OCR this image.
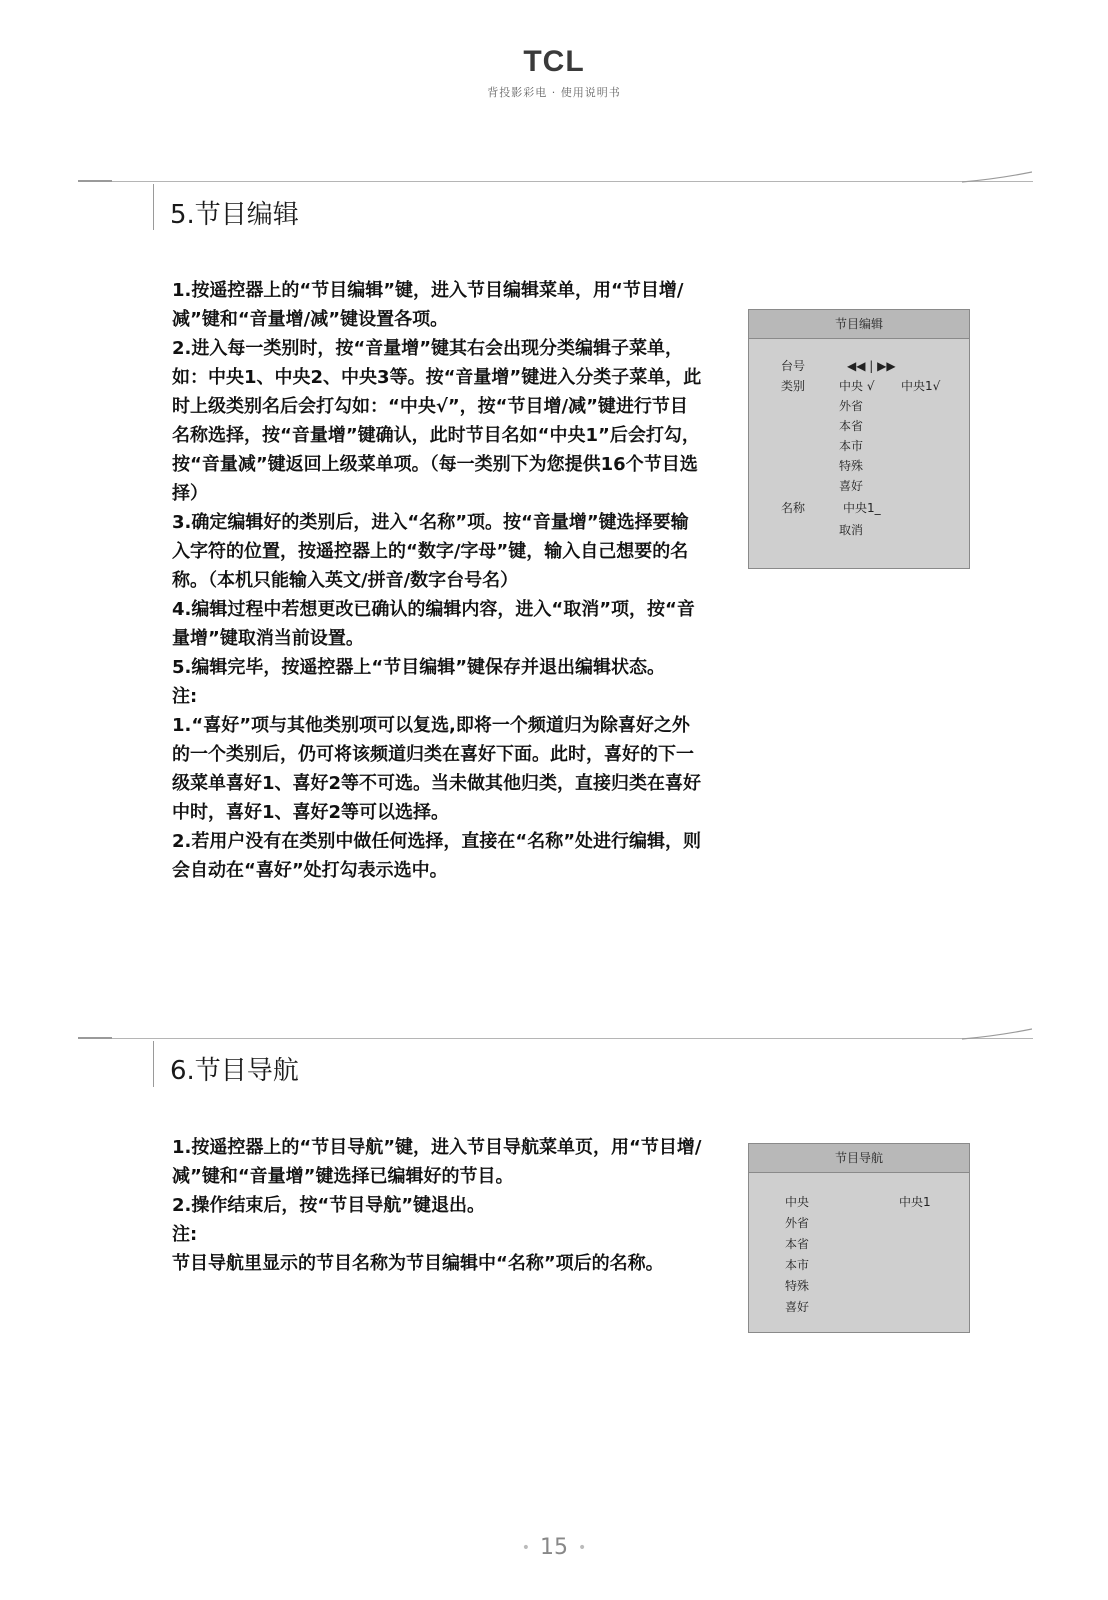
TCL
背投影彩电 · 使用说明书
5.节目编辑

1.按遥控器上的“节目编辑”键，进入节目编辑菜单，用“节目增/减”键和“音量增/减”键设置各项。

2.进入每一类别时，按“音量增”键其右会出现分类编辑子菜单，如：中央1、中央2、中央3等。按“音量增”键进入分类子菜单，此时上级类别名后会打勾如：“中央√”，按“节目增/减”键进行节目名称选择，按“音量增”键确认，此时节目名如“中央1”后会打勾，按“音量减”键返回上级菜单项。（每一类别下为您提供16个节目选择）

3.确定编辑好的类别后，进入“名称”项。按“音量增”键选择要输入字符的位置，按遥控器上的“数字/字母”键，输入自己想要的名称。（本机只能输入英文/拼音/数字台号名）

4.编辑过程中若想更改已确认的编辑内容，进入“取消”项，按“音量增”键取消当前设置。

5.编辑完毕，按遥控器上“节目编辑”键保存并退出编辑状态。

注:

1.“喜好”项与其他类别项可以复选,即将一个频道归为除喜好之外的一个类别后，仍可将该频道归类在喜好下面。此时，喜好的下一级菜单喜好1、喜好2等不可选。当未做其他归类，直接归类在喜好中时，喜好1、喜好2等可以选择。

2.若用户没有在类别中做任何选择，直接在“名称”处进行编辑，则会自动在“喜好”处打勾表示选中。

节目编辑
台号	◀◀ | ▶▶
类别	中央 √ 中央1√
外省
本省
本市
特殊
喜好
名称	中央1_
取消
6.节目导航

1.按遥控器上的“节目导航”键，进入节目导航菜单页，用“节目增/减”键和“音量增”键选择已编辑好的节目。

2.操作结束后，按“节目导航”键退出。

注:

节目导航里显示的节目名称为节目编辑中“名称”项后的名称。

节目导航
中央	中央1
外省
本省
本市
特殊
喜好
• 15 •
